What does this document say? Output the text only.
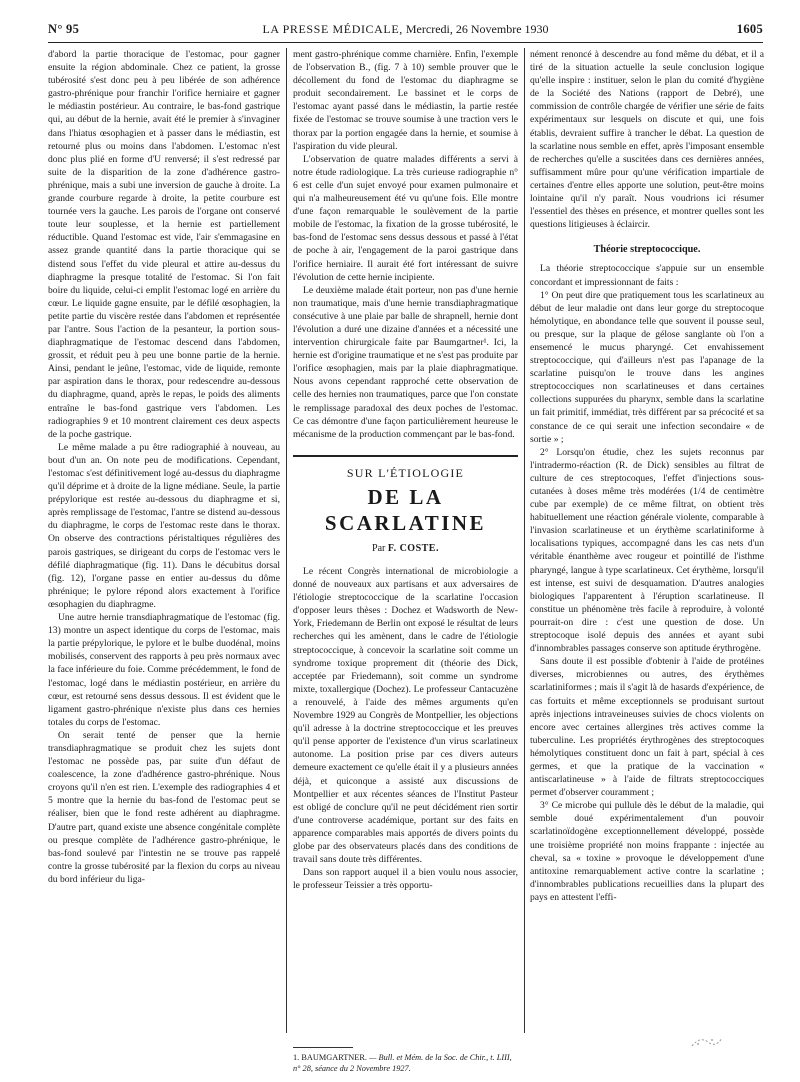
N° 95	LA PRESSE MÉDICALE, Mercredi, 26 Novembre 1930	1605

d'abord la partie thoracique de l'estomac, pour gagner ensuite la région abdominale. Chez ce patient, la grosse tubérosité s'est donc peu à peu libérée de son adhérence gastro-phrénique pour franchir l'orifice herniaire et gagner le médiastin postérieur. Au contraire, le bas-fond gastrique qui, au début de la hernie, avait été le premier à s'invaginer dans l'hiatus œsophagien et à passer dans le médiastin, est retourné plus ou moins dans l'abdomen. L'estomac n'est donc plus plié en forme d'U renversé; il s'est redressé par suite de la disparition de la zone d'adhérence gastro-phrénique, mais a subi une inversion de gauche à droite. La grande courbure regarde à droite, la petite courbure est tournée vers la gauche. Les parois de l'organe ont conservé toute leur souplesse, et la hernie est partiellement réductible. Quand l'estomac est vide, l'air s'emmagasine en assez grande quantité dans la partie thoracique qui se distend sous l'effet du vide pleural et attire au-dessus du diaphragme la presque totalité de l'estomac. Si l'on fait boire du liquide, celui-ci emplit l'estomac logé en arrière du cœur. Le liquide gagne ensuite, par le défilé œsophagien, la petite partie du viscère restée dans l'abdomen et représentée par l'antre. Sous l'action de la pesanteur, la portion sous-diaphragmatique de l'estomac descend dans l'abdomen, grossit, et réduit peu à peu une bonne partie de la hernie. Ainsi, pendant le jeûne, l'estomac, vide de liquide, remonte par aspiration dans le thorax, pour redescendre au-dessous du diaphragme, quand, après le repas, le poids des aliments entraîne le bas-fond gastrique vers l'abdomen. Les radiographies 9 et 10 montrent clairement ces deux aspects de la poche gastrique.

Le même malade a pu être radiographié à nouveau, au bout d'un an. On note peu de modifications. Cependant, l'estomac s'est définitivement logé au-dessus du diaphragme qu'il déprime et à droite de la ligne médiane. Seule, la partie prépylorique est restée au-dessous du diaphragme et si, après remplissage de l'estomac, l'antre se distend au-dessous du diaphragme, le corps de l'estomac reste dans le thorax. On observe des contractions péristaltiques régulières des parois gastriques, se dirigeant du corps de l'estomac vers le défilé diaphragmatique (fig. 11). Dans le décubitus dorsal (fig. 12), l'organe passe en entier au-dessus du dôme phrénique; le pylore répond alors exactement à l'orifice œsophagien du diaphragme.

Une autre hernie transdiaphragmatique de l'estomac (fig. 13) montre un aspect identique du corps de l'estomac, mais la partie prépylorique, le pylore et le bulbe duodénal, moins mobilisés, conservent des rapports à peu près normaux avec la face inférieure du foie. Comme précédemment, le fond de l'estomac, logé dans le médiastin postérieur, en arrière du cœur, est retourné sens dessus dessous. Il est évident que le ligament gastro-phrénique n'existe plus dans ces hernies totales du corps de l'estomac.

On serait tenté de penser que la hernie transdiaphragmatique se produit chez les sujets dont l'estomac ne possède pas, par suite d'un défaut de coalescence, la zone d'adhérence gastro-phrénique. Nous croyons qu'il n'en est rien. L'exemple des radiographies 4 et 5 montre que la hernie du bas-fond de l'estomac peut se réaliser, bien que le fond reste adhérent au diaphragme. D'autre part, quand existe une absence congénitale complète ou presque complète de l'adhérence gastro-phrénique, le bas-fond soulevé par l'intestin ne se trouve pas rappelé contre la grosse tubérosité par la flexion du corps au niveau du bord inférieur du liga-

ment gastro-phrénique comme charnière. Enfin, l'exemple de l'observation B., (fig. 7 à 10) semble prouver que le décollement du fond de l'estomac du diaphragme se produit secondairement. Le bassinet et le corps de l'estomac ayant passé dans le médiastin, la partie restée fixée de l'estomac se trouve soumise à une traction vers le thorax par la portion engagée dans la hernie, et soumise à l'aspiration du vide pleural.

L'observation de quatre malades différents a servi à notre étude radiologique. La très curieuse radiographie n° 6 est celle d'un sujet envoyé pour examen pulmonaire et qui n'a malheureusement été vu qu'une fois. Elle montre d'une façon remarquable le soulèvement de la partie mobile de l'estomac, la fixation de la grosse tubérosité, le bas-fond de l'estomac sens dessus dessous et passé à l'état de poche à air, l'engagement de la paroi gastrique dans l'orifice herniaire. Il aurait été fort intéressant de suivre l'évolution de cette hernie incipiente.

Le deuxième malade était porteur, non pas d'une hernie non traumatique, mais d'une hernie transdiaphragmatique consécutive à une plaie par balle de shrapnell, hernie dont l'évolution a duré une dizaine d'années et a nécessité une intervention chirurgicale faite par Baumgartner¹. Ici, la hernie est d'origine traumatique et ne s'est pas produite par l'orifice œsophagien, mais par la plaie diaphragmatique. Nous avons cependant rapproché cette observation de celle des hernies non traumatiques, parce que l'on constate le remplissage paradoxal des deux poches de l'estomac. Ce cas démontre d'une façon particulièrement heureuse le mécanisme de la production commençant par le bas-fond.

SUR L'ÉTIOLOGIE
DE LA SCARLATINE
Par F. COSTE.

Le récent Congrès international de microbiologie a donné de nouveaux aux partisans et aux adversaires de l'étiologie streptococcique de la scarlatine l'occasion d'opposer leurs thèses : Dochez et Wadsworth de New-York, Friedemann de Berlin ont exposé le résultat de leurs recherches qui les amènent, dans le cadre de l'étiologie streptococcique, à concevoir la scarlatine soit comme un syndrome toxique proprement dit (théorie des Dick, acceptée par Friedemann), soit comme un syndrome mixte, toxallergique (Dochez). Le professeur Cantacuzène a renouvelé, à l'aide des mêmes arguments qu'en Novembre 1929 au Congrès de Montpellier, les objections qu'il adresse à la doctrine streptococcique et les preuves qu'il pense apporter de l'existence d'un virus scarlatineux autonome. La position prise par ces divers auteurs demeure exactement ce qu'elle était il y a plusieurs années déjà, et quiconque a assisté aux discussions de Montpellier et aux récentes séances de l'Institut Pasteur est obligé de conclure qu'il ne peut décidément rien sortir d'une controverse académique, portant sur des faits en apparence comparables mais apportés de divers points du globe par des observateurs placés dans des conditions de travail sans doute très différentes.

Dans son rapport auquel il a bien voulu nous associer, le professeur Teissier a très opportu-

1. BAUMGARTNER. — Bull. et Mém. de la Soc. de Chir., t. LIII, n° 28, séance du 2 Novembre 1927.

nément renoncé à descendre au fond même du débat, et il a tiré de la situation actuelle la seule conclusion logique qu'elle inspire : instituer, selon le plan du comité d'hygiène de la Société des Nations (rapport de Debré), une commission de contrôle chargée de vérifier une série de faits expérimentaux sur lesquels on discute et qui, une fois établis, devraient suffire à trancher le débat. La question de la scarlatine nous semble en effet, après l'imposant ensemble de recherches qu'elle a suscitées dans ces dernières années, suffisamment mûre pour qu'une vérification impartiale de certaines d'entre elles apporte une solution, peut-être moins lointaine qu'il n'y paraît. Nous voudrions ici résumer l'essentiel des thèses en présence, et montrer quelles sont les questions litigieuses à éclaircir.

Théorie streptococcique.

La théorie streptococcique s'appuie sur un ensemble concordant et impressionnant de faits :

1° On peut dire que pratiquement tous les scarlatineux au début de leur maladie ont dans leur gorge du streptocoque hémolytique, en abondance telle que souvent il pousse seul, ou presque, sur la plaque de gélose sanglante où l'on a ensemencé le mucus pharyngé. Cet envahissement streptococcique, qui d'ailleurs n'est pas l'apanage de la scarlatine puisqu'on le trouve dans les angines streptococciques non scarlatineuses et dans certaines collections suppurées du pharynx, semble dans la scarlatine un fait primitif, immédiat, très différent par sa précocité et sa constance de ce qui serait une infection secondaire « de sortie » ;

2° Lorsqu'on étudie, chez les sujets reconnus par l'intradermo-réaction (R. de Dick) sensibles au filtrat de culture de ces streptocoques, l'effet d'injections sous-cutanées à doses même très modérées (1/4 de centimètre cube par exemple) de ce même filtrat, on obtient très habituellement une réaction générale violente, comparable à l'invasion scarlatineuse et un érythème scarlatiniforme à localisations typiques, accompagné dans les cas nets d'un véritable énanthème avec rougeur et pointillé de l'isthme pharyngé, langue à type scarlatineux. Cet érythème, lorsqu'il est intense, est suivi de desquamation. D'autres analogies biologiques l'apparentent à l'éruption scarlatineuse. Il constitue un phénomène très facile à reproduire, à volonté pourrait-on dire : c'est une question de dose. Un streptocoque isolé depuis des années et ayant subi d'innombrables passages conserve son aptitude érythrogène.

Sans doute il est possible d'obtenir à l'aide de protéines diverses, microbiennes ou autres, des érythèmes scarlatiniformes ; mais il s'agit là de hasards d'expérience, de cas fortuits et même exceptionnels se produisant surtout après injections intraveineuses suivies de chocs violents on encore avec certaines allergines très actives comme la tuberculine. Les propriétés érythrogènes des streptocoques hémolytiques constituent donc un fait à part, spécial à ces germes, et que la pratique de la vaccination « antiscarlatineuse » à l'aide de filtrats streptococciques permet d'observer couramment ;

3° Ce microbe qui pullule dès le début de la maladie, qui semble doué expérimentalement d'un pouvoir scarlatinoïdogène exceptionnellement développé, possède une troisième propriété non moins frappante : injectée au cheval, sa « toxine » provoque le développement d'une antitoxine remarquablement active contre la scarlatine ; d'innombrables publications recueillies dans la plupart des pays en attestent l'effi-
